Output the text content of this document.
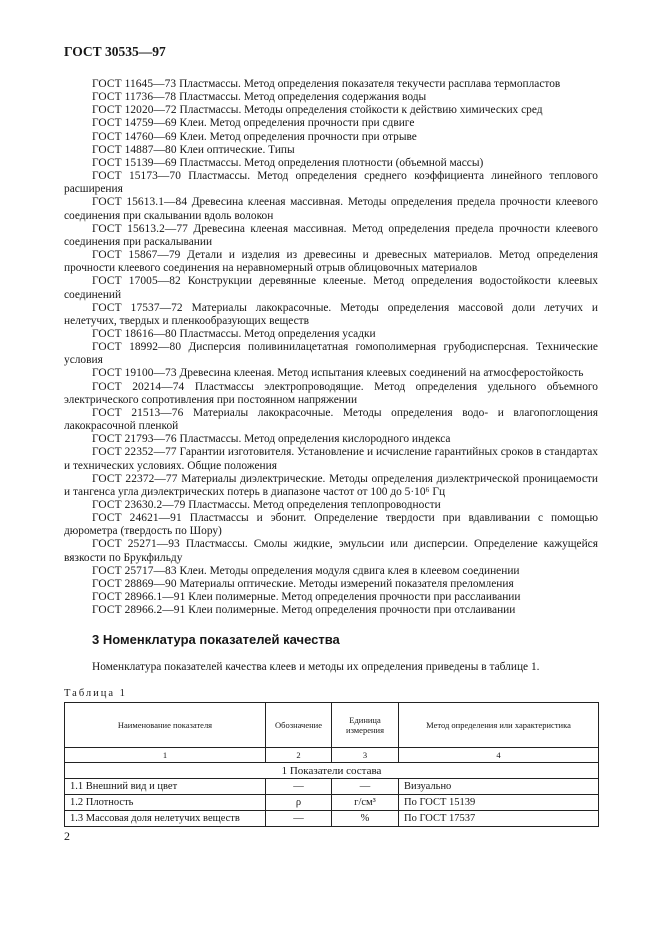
ГОСТ 30535—97

ГОСТ 11645—73 Пластмассы. Метод определения показателя текучести расплава термопластов

ГОСТ 11736—78 Пластмассы. Метод определения содержания воды

ГОСТ 12020—72 Пластмассы. Методы определения стойкости к действию химических сред

ГОСТ 14759—69 Клеи. Метод определения прочности при сдвиге

ГОСТ 14760—69 Клеи. Метод определения прочности при отрыве

ГОСТ 14887—80 Клеи оптические. Типы

ГОСТ 15139—69 Пластмассы. Метод определения плотности (объемной массы)

ГОСТ 15173—70 Пластмассы. Метод определения среднего коэффициента линейного теплового расширения

ГОСТ 15613.1—84 Древесина клееная массивная. Методы определения предела прочности клеевого соединения при скалывании вдоль волокон

ГОСТ 15613.2—77 Древесина клееная массивная. Метод определения предела прочности клеевого соединения при раскалывании

ГОСТ 15867—79 Детали и изделия из древесины и древесных материалов. Метод определения прочности клеевого соединения на неравномерный отрыв облицовочных материалов

ГОСТ 17005—82 Конструкции деревянные клееные. Метод определения водостойкости клеевых соединений

ГОСТ 17537—72 Материалы лакокрасочные. Методы определения массовой доли летучих и нелетучих, твердых и пленкообразующих веществ

ГОСТ 18616—80 Пластмассы. Метод определения усадки

ГОСТ 18992—80 Дисперсия поливинилацетатная гомополимерная грубодисперсная. Технические условия

ГОСТ 19100—73 Древесина клееная. Метод испытания клеевых соединений на атмосферостойкость

ГОСТ 20214—74 Пластмассы электропроводящие. Метод определения удельного объемного электрического сопротивления при постоянном напряжении

ГОСТ 21513—76 Материалы лакокрасочные. Методы определения водо- и влагопоглощения лакокрасочной пленкой

ГОСТ 21793—76 Пластмассы. Метод определения кислородного индекса

ГОСТ 22352—77 Гарантии изготовителя. Установление и исчисление гарантийных сроков в стандартах и технических условиях. Общие положения

ГОСТ 22372—77 Материалы диэлектрические. Методы определения диэлектрической проницаемости и тангенса угла диэлектрических потерь в диапазоне частот от 100 до 5·10⁶ Гц

ГОСТ 23630.2—79 Пластмассы. Метод определения теплопроводности

ГОСТ 24621—91 Пластмассы и эбонит. Определение твердости при вдавливании с помощью дюрометра (твердость по Шору)

ГОСТ 25271—93 Пластмассы. Смолы жидкие, эмульсии или дисперсии. Определение кажущейся вязкости по Брукфильду

ГОСТ 25717—83 Клеи. Методы определения модуля сдвига клея в клеевом соединении

ГОСТ 28869—90 Материалы оптические. Методы измерений показателя преломления

ГОСТ 28966.1—91 Клеи полимерные. Метод определения прочности при расслаивании

ГОСТ 28966.2—91 Клеи полимерные. Метод определения прочности при отслаивании

3 Номенклатура показателей качества
Номенклатура показателей качества клеев и методы их определения приведены в таблице 1.
Таблица 1
Наименование показателя	Обозначение	Единица измерения	Метод определения или характеристика
1	2	3	4
1 Показатели состава			
1.1 Внешний вид и цвет	—	—	Визуально
1.2 Плотность	ρ	г/см³	По ГОСТ 15139
1.3 Массовая доля нелетучих веществ	—	%	По ГОСТ 17537
2
